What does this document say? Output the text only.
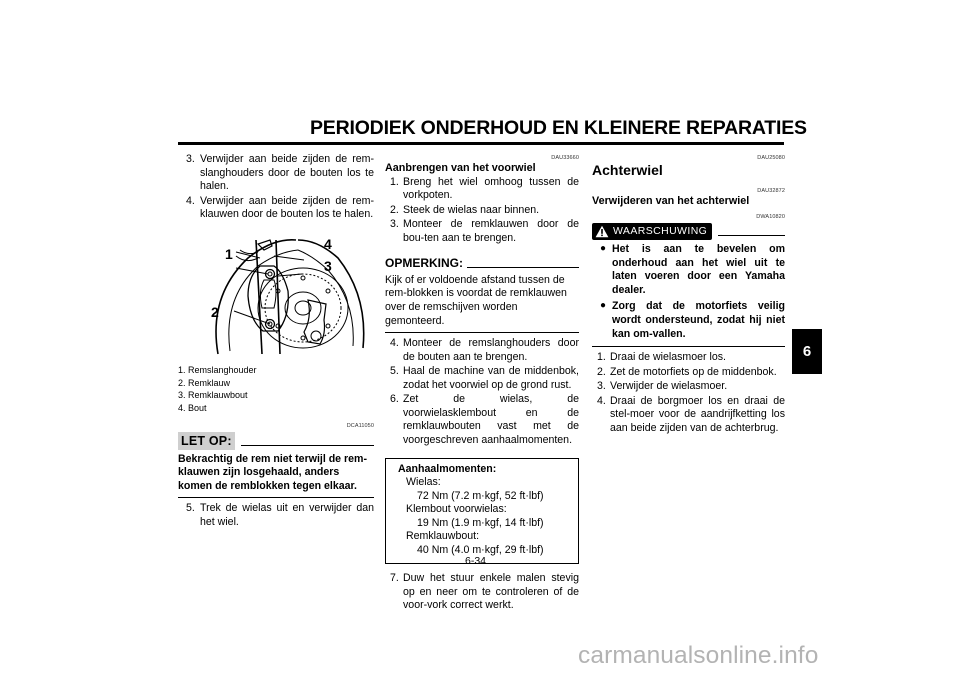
PERIODIEK ONDERHOUD EN KLEINERE REPARATIES
3. Verwijder aan beide zijden de rem-slanghouders door de bouten los te halen.
4. Verwijder aan beide zijden de rem-klauwen door de bouten los te halen.
1
2
3
4
1. Remslanghouder
2. Remklauw
3. Remklauwbout
4. Bout
DCA11050
LET OP:
Bekrachtig de rem niet terwijl de rem-klauwen zijn losgehaald, anders komen de remblokken tegen elkaar.
5. Trek de wielas uit en verwijder dan het wiel.
DAU33660
Aanbrengen van het voorwiel
1. Breng het wiel omhoog tussen de vorkpoten.
2. Steek de wielas naar binnen.
3. Monteer de remklauwen door de bou-ten aan te brengen.
OPMERKING:
Kijk of er voldoende afstand tussen de rem-blokken is voordat de remklauwen over de remschijven worden gemonteerd.
4. Monteer de remslanghouders door de bouten aan te brengen.
5. Haal de machine van de middenbok, zodat het voorwiel op de grond rust.
6. Zet de wielas, de voorwielasklembout en de remklauwbouten vast met de voorgeschreven aanhaalmomenten.
Aanhaalmomenten:
Wielas:
72 Nm (7.2 m·kgf, 52 ft·lbf)
Klembout voorwielas:
19 Nm (1.9 m·kgf, 14 ft·lbf)
Remklauwbout:
40 Nm (4.0 m·kgf, 29 ft·lbf)
7. Duw het stuur enkele malen stevig op en neer om te controleren of de voor-vork correct werkt.
DAU25080
Achterwiel
DAU32872
Verwijderen van het achterwiel
DWA10820
WAARSCHUWING
● Het is aan te bevelen om onderhoud aan het wiel uit te laten voeren door een Yamaha dealer.
● Zorg dat de motorfiets veilig wordt ondersteund, zodat hij niet kan om-vallen.
1. Draai de wielasmoer los.
2. Zet de motorfiets op de middenbok.
3. Verwijder de wielasmoer.
4. Draai de borgmoer los en draai de stel-moer voor de aandrijfketting los aan beide zijden van de achterbrug.
6
6-34
carmanualsonline.info
